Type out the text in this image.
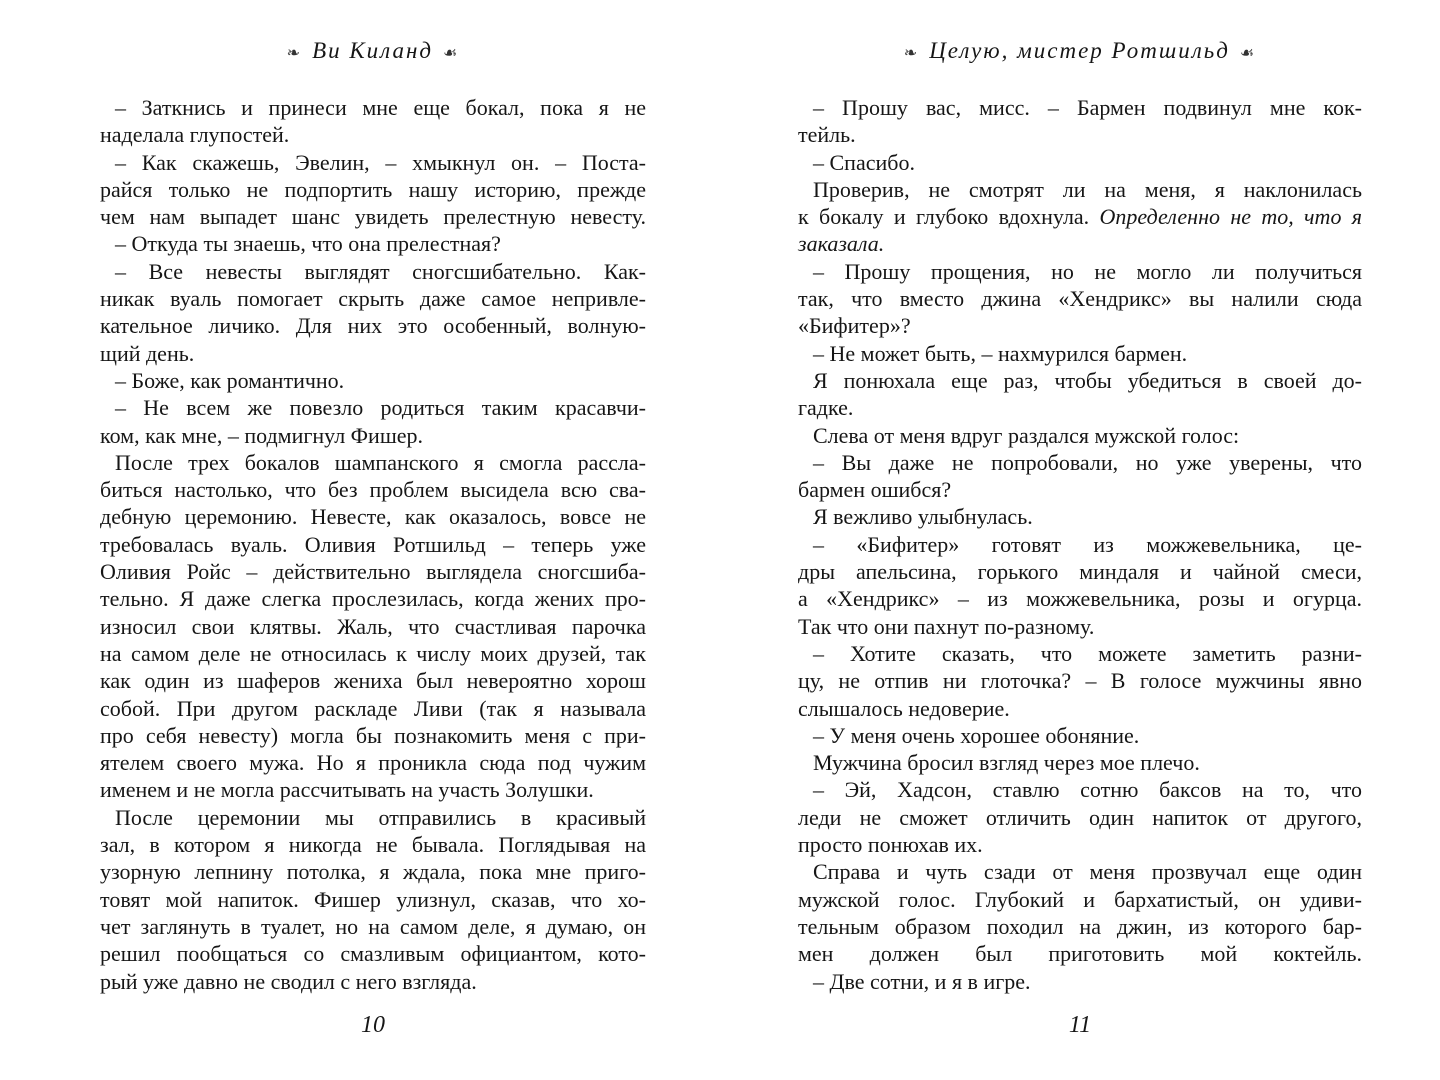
❧ Ви Киланд ☙
– Заткнись и принеси мне еще бокал, пока я не
наделала глупостей.
– Как скажешь, Эвелин, – хмыкнул он. – Поста-
райся только не подпортить нашу историю, прежде
чем нам выпадет шанс увидеть прелестную невесту.
– Откуда ты знаешь, что она прелестная?
– Все невесты выглядят сногсшибательно. Как-
никак вуаль помогает скрыть даже самое непривле-
кательное личико. Для них это особенный, волную-
щий день.
– Боже, как романтично.
– Не всем же повезло родиться таким красавчи-
ком, как мне, – подмигнул Фишер.
После трех бокалов шампанского я смогла рассла-
биться настолько, что без проблем высидела всю сва-
дебную церемонию. Невесте, как оказалось, вовсе не
требовалась вуаль. Оливия Ротшильд – теперь уже
Оливия Ройс – действительно выглядела сногсшиба-
тельно. Я даже слегка прослезилась, когда жених про-
износил свои клятвы. Жаль, что счастливая парочка
на самом деле не относилась к числу моих друзей, так
как один из шаферов жениха был невероятно хорош
собой. При другом раскладе Ливи (так я называла
про себя невесту) могла бы познакомить меня с при-
ятелем своего мужа. Но я проникла сюда под чужим
именем и не могла рассчитывать на участь Золушки.
После церемонии мы отправились в красивый
зал, в котором я никогда не бывала. Поглядывая на
узорную лепнину потолка, я ждала, пока мне приго-
товят мой напиток. Фишер улизнул, сказав, что хо-
чет заглянуть в туалет, но на самом деле, я думаю, он
решил пообщаться со смазливым официантом, кото-
рый уже давно не сводил с него взгляда.
10
❧ Целую, мистер Ротшильд ☙
– Прошу вас, мисс. – Бармен подвинул мне кок-
тейль.
– Спасибо.
Проверив, не смотрят ли на меня, я наклонилась
к бокалу и глубоко вдохнула. Определенно не то, что я
заказала.
– Прошу прощения, но не могло ли получиться
так, что вместо джина «Хендрикс» вы налили сюда
«Бифитер»?
– Не может быть, – нахмурился бармен.
Я понюхала еще раз, чтобы убедиться в своей до-
гадке.
Слева от меня вдруг раздался мужской голос:
– Вы даже не попробовали, но уже уверены, что
бармен ошибся?
Я вежливо улыбнулась.
– «Бифитер» готовят из можжевельника, це-
дры апельсина, горького миндаля и чайной смеси,
а «Хендрикс» – из можжевельника, розы и огурца.
Так что они пахнут по-разному.
– Хотите сказать, что можете заметить разни-
цу, не отпив ни глоточка? – В голосе мужчины явно
слышалось недоверие.
– У меня очень хорошее обоняние.
Мужчина бросил взгляд через мое плечо.
– Эй, Хадсон, ставлю сотню баксов на то, что
леди не сможет отличить один напиток от другого,
просто понюхав их.
Справа и чуть сзади от меня прозвучал еще один
мужской голос. Глубокий и бархатистый, он удиви-
тельным образом походил на джин, из которого бар-
мен должен был приготовить мой коктейль.
– Две сотни, и я в игре.
11
